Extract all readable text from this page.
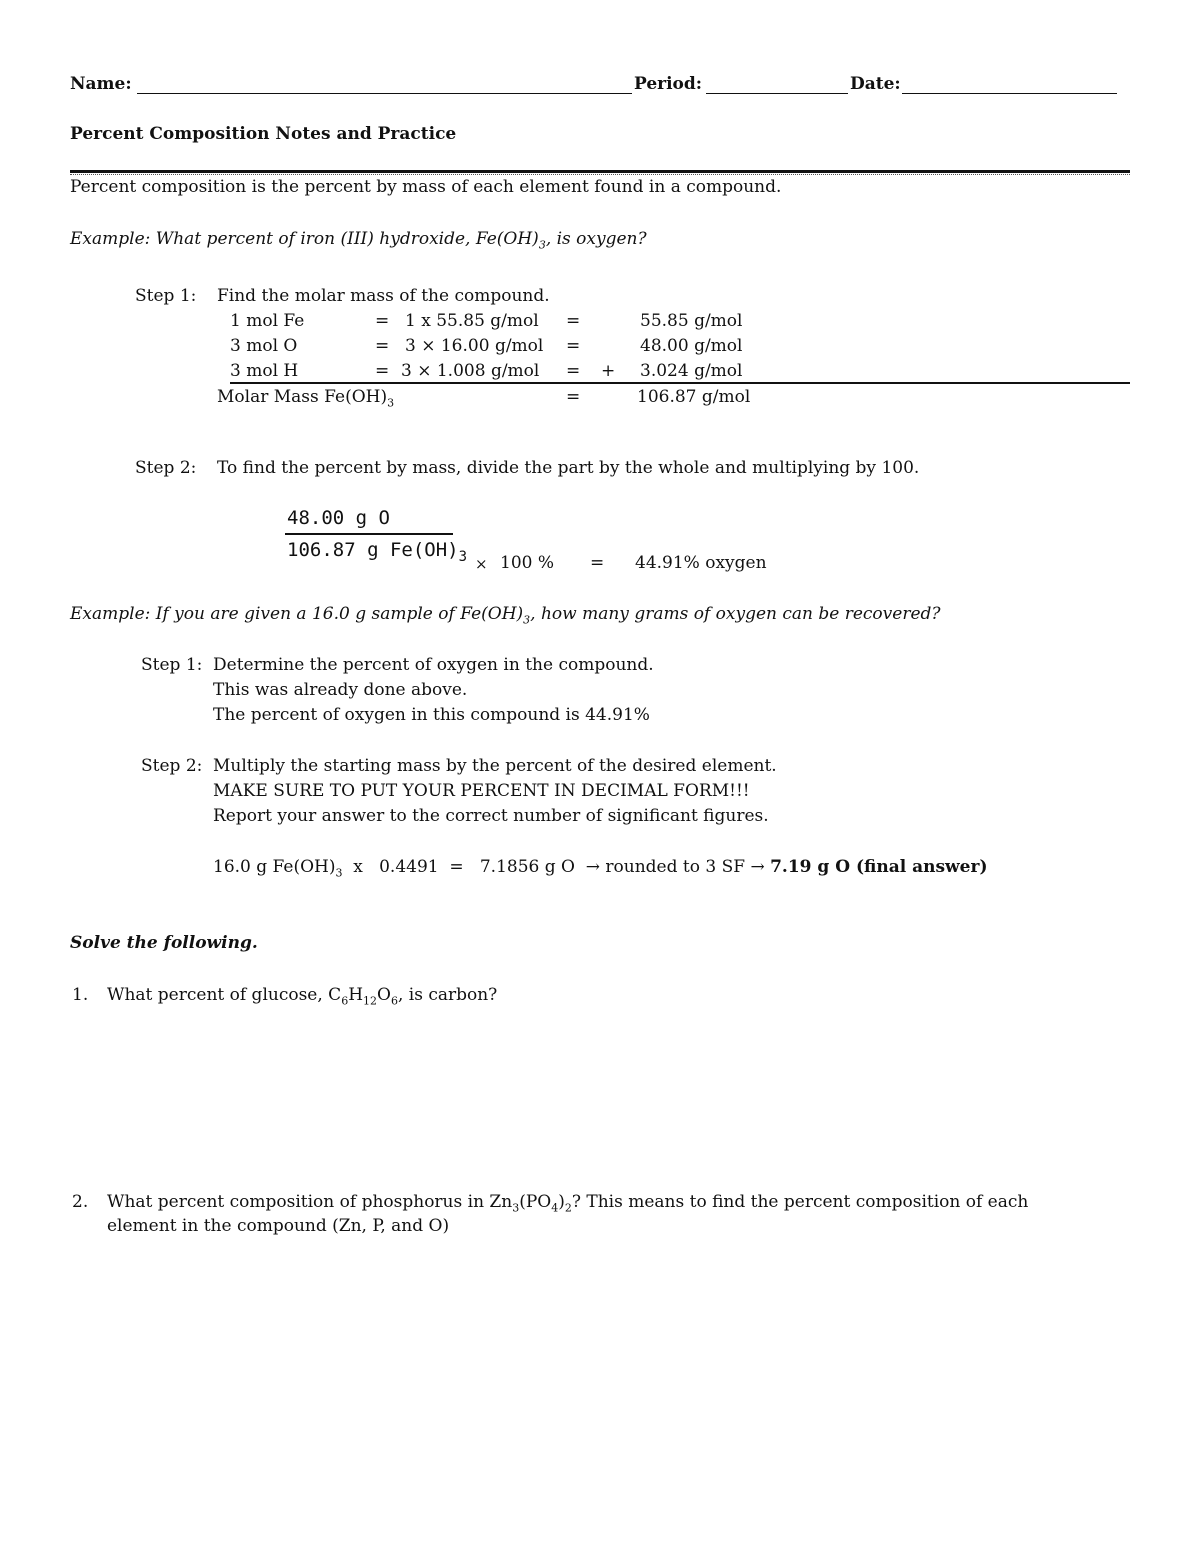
Name:	Period:	Date:
Percent Composition Notes and Practice
Percent composition is the percent by mass of each element found in a compound.
Example: What percent of iron (III) hydroxide, $Fe(OH)_3$, is oxygen?
Step 1: Find the molar mass of the compound.
1 mol Fe	= 1 x 55.85 g/mol =	55.85 g/mol
3 mol O	= 3 × 16.00 g/mol =	48.00 g/mol
3 mol H	= 3 × 1.008 g/mol = + 3.024 g/mol
Molar Mass $Fe(OH)_3$	=	106.87 g/mol
Step 2: To find the percent by mass, divide the part by the whole and multiplying by 100.
48.00 g O
106.87 g $Fe(OH)_3 \times 100$ % = 44.91% oxygen
Example: If you are given a 16.0 g sample of $Fe(OH)_3$, how many grams of oxygen can be recovered?
Step 1: Determine the percent of oxygen in the compound.
This was already done above.
The percent of oxygen in this compound is 44.91%
Step 2: Multiply the starting mass by the percent of the desired element.
MAKE SURE TO PUT YOUR PERCENT IN DECIMAL FORM!!!
Report your answer to the correct number of significant figures.
16.0 g $Fe(OH)_3$  x   0.4491  =   7.1856 g O  → rounded to 3 SF → 7.19 g O (final answer)
Solve the following.
1. What percent of glucose, $C_6H_{12}O_6$, is carbon?
2. What percent composition of phosphorus in $Zn_3(PO_4)_2$? This means to find the percent composition of each
element in the compound (Zn, P, and O)
